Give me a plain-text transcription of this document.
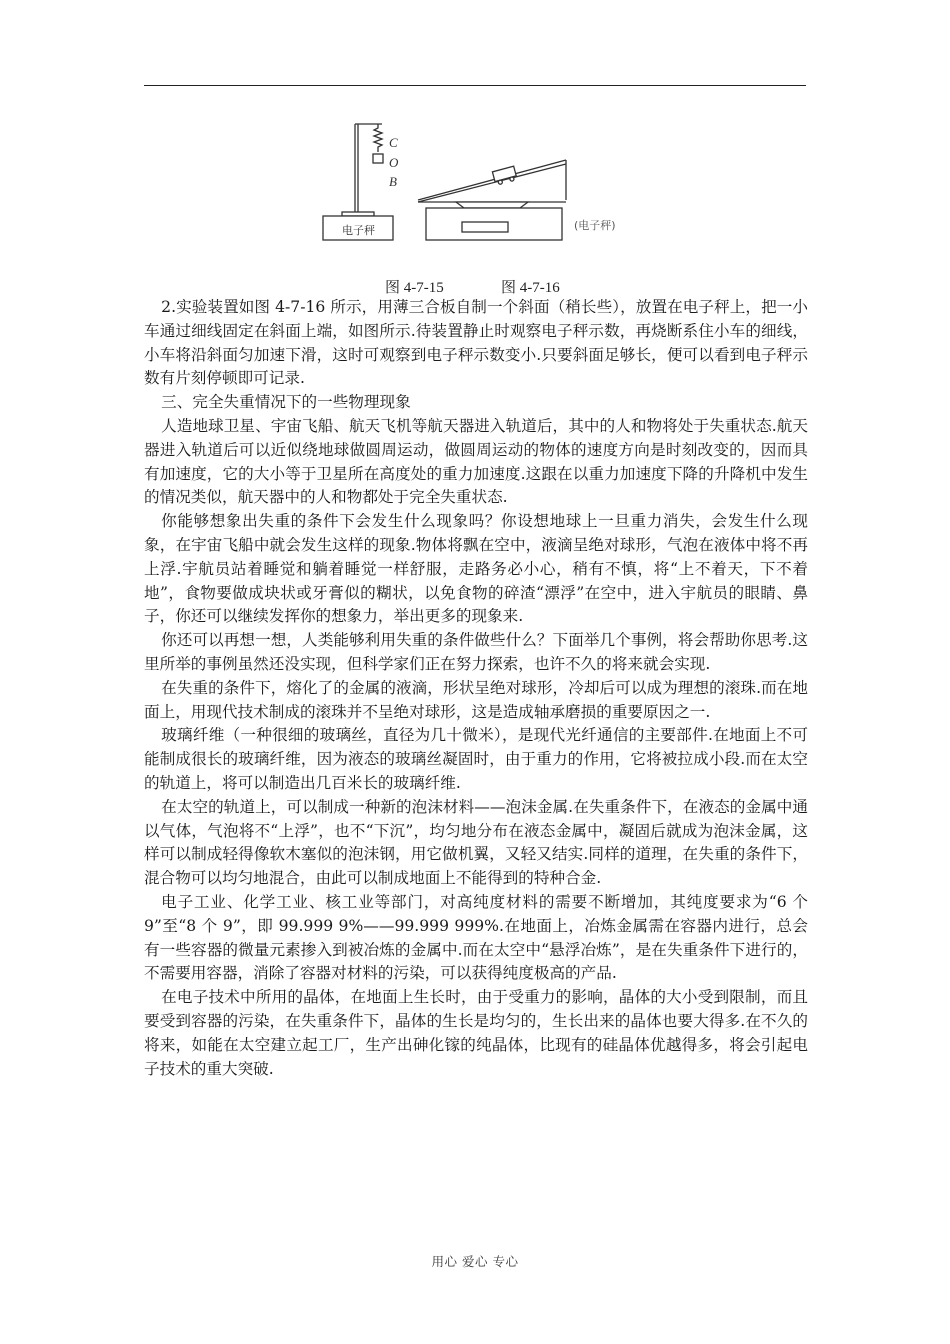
C
O
B
电子秤	(电子秤)
图 4-7-15	图 4-7-16

2.实验装置如图 4-7-16 所示，用薄三合板自制一个斜面（稍长些），放置在电子秤上，把一小车通过细线固定在斜面上端，如图所示.待装置静止时观察电子秤示数，再烧断系住小车的细线，小车将沿斜面匀加速下滑，这时可观察到电子秤示数变小.只要斜面足够长，便可以看到电子秤示数有片刻停顿即可记录.

三、完全失重情况下的一些物理现象

人造地球卫星、宇宙飞船、航天飞机等航天器进入轨道后，其中的人和物将处于失重状态.航天器进入轨道后可以近似绕地球做圆周运动，做圆周运动的物体的速度方向是时刻改变的，因而具有加速度，它的大小等于卫星所在高度处的重力加速度.这跟在以重力加速度下降的升降机中发生的情况类似，航天器中的人和物都处于完全失重状态.

你能够想象出失重的条件下会发生什么现象吗？你设想地球上一旦重力消失，会发生什么现象，在宇宙飞船中就会发生这样的现象.物体将飘在空中，液滴呈绝对球形，气泡在液体中将不再上浮.宇航员站着睡觉和躺着睡觉一样舒服，走路务必小心，稍有不慎，将“上不着天，下不着地”，食物要做成块状或牙膏似的糊状，以免食物的碎渣“漂浮”在空中，进入宇航员的眼睛、鼻子，你还可以继续发挥你的想象力，举出更多的现象来.

你还可以再想一想，人类能够利用失重的条件做些什么？下面举几个事例，将会帮助你思考.这里所举的事例虽然还没实现，但科学家们正在努力探索，也许不久的将来就会实现.

在失重的条件下，熔化了的金属的液滴，形状呈绝对球形，冷却后可以成为理想的滚珠.而在地面上，用现代技术制成的滚珠并不呈绝对球形，这是造成轴承磨损的重要原因之一.

玻璃纤维（一种很细的玻璃丝，直径为几十微米），是现代光纤通信的主要部件.在地面上不可能制成很长的玻璃纤维，因为液态的玻璃丝凝固时，由于重力的作用，它将被拉成小段.而在太空的轨道上，将可以制造出几百米长的玻璃纤维.

在太空的轨道上，可以制成一种新的泡沫材料——泡沫金属.在失重条件下，在液态的金属中通以气体，气泡将不“上浮”，也不“下沉”，均匀地分布在液态金属中，凝固后就成为泡沫金属，这样可以制成轻得像软木塞似的泡沫钢，用它做机翼，又轻又结实.同样的道理，在失重的条件下，混合物可以均匀地混合，由此可以制成地面上不能得到的特种合金.

电子工业、化学工业、核工业等部门，对高纯度材料的需要不断增加，其纯度要求为“6 个 9”至“8 个 9”，即 99.999 9%——99.999 999%.在地面上，冶炼金属需在容器内进行，总会有一些容器的微量元素掺入到被冶炼的金属中.而在太空中“悬浮冶炼”，是在失重条件下进行的，不需要用容器，消除了容器对材料的污染，可以获得纯度极高的产品.

在电子技术中所用的晶体，在地面上生长时，由于受重力的影响，晶体的大小受到限制，而且要受到容器的污染，在失重条件下，晶体的生长是均匀的，生长出来的晶体也要大得多.在不久的将来，如能在太空建立起工厂，生产出砷化镓的纯晶体，比现有的硅晶体优越得多，将会引起电子技术的重大突破.

用心 爱心 专心
